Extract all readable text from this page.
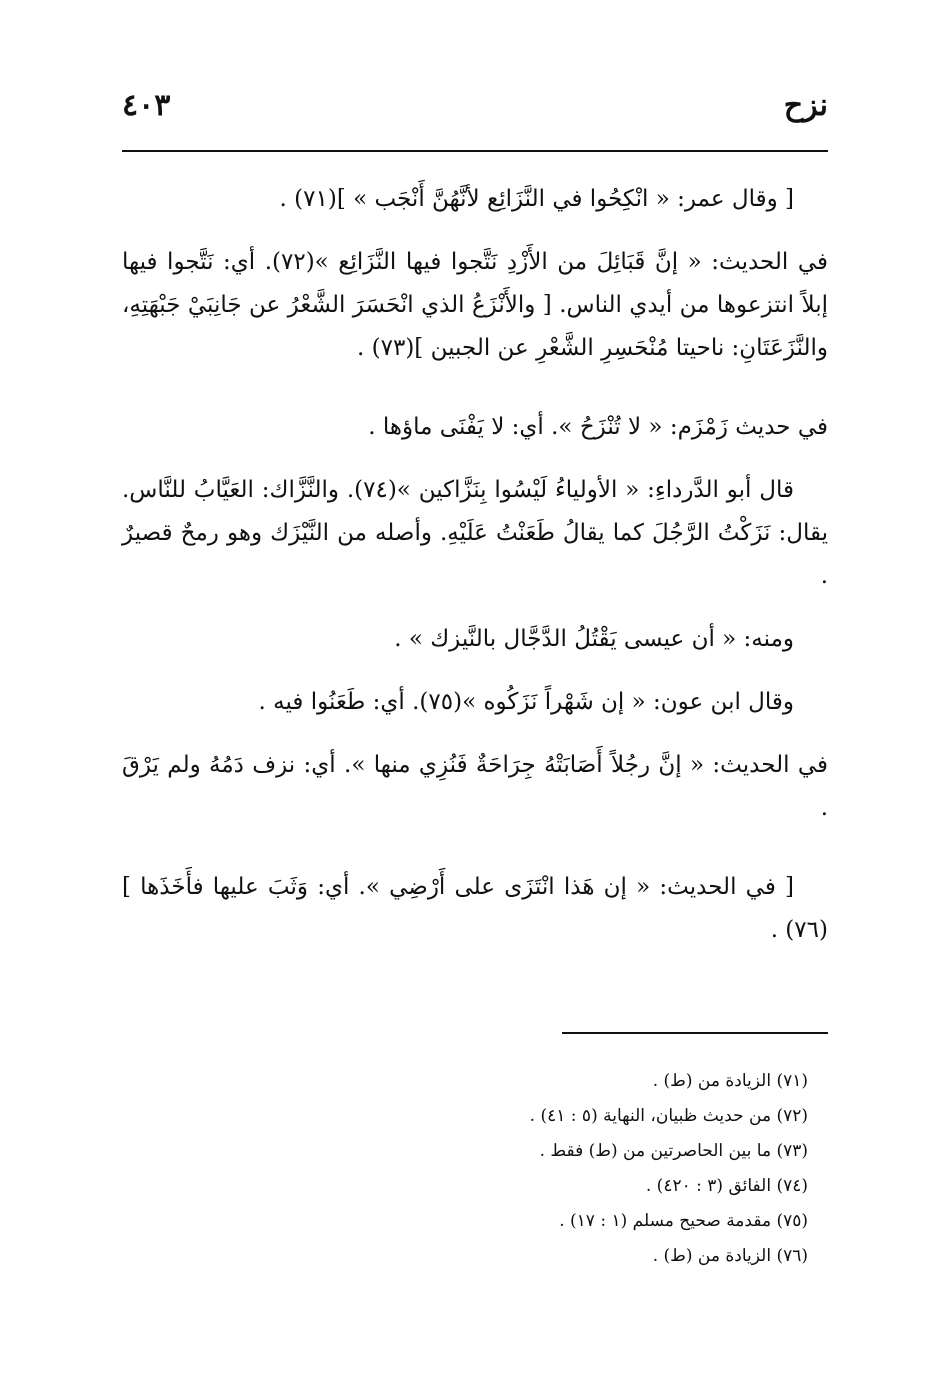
٤٠٣	نزح

[ وقال عمر: « انْكِحُوا في النَّزَائِع لأنَّهُنَّ أَنْجَب » ](٧١) .

في الحديث: « إنَّ قَبَائِلَ من الأَزْدِ نَتَّجوا فيها النَّزَائِع »(٧٢). أي: نَتَّجوا فيها إبلاً انتزعوها من أيدي الناس. [ والأَنْزَعُ الذي انْحَسَرَ الشَّعْرُ عن جَانِبَيْ جَبْهَتِهِ، والنَّزَعَتَانِ: ناحيتا مُنْحَسِرِ الشَّعْرِ عن الجبين ](٧٣) .

في حديث زَمْزَم: « لا تُنْزَحُ ». أي: لا يَفْنَى ماؤها .

قال أبو الدَّرداءِ: « الأولياءُ لَيْسُوا بِنَزَّاكين »(٧٤). والنَّزَّاك: العَيَّابُ للنَّاس. يقال: نَزَكْتُ الرَّجُلَ كما يقالُ طَعَنْتُ عَلَيْهِ. وأصله من النَّيْزَك وهو رمحٌ قصيرٌ .

ومنه: « أن عيسى يَقْتُلُ الدَّجَّال بالنَّيزك » .

وقال ابن عون: « إن شَهْراً نَزَكُوه »(٧٥). أي: طَعَنُوا فيه .

في الحديث: « إنَّ رجُلاً أَصَابَتْهُ جِرَاحَةٌ فَنُزِي منها ». أي: نزف دَمُهُ ولم يَرْقَ .

[ في الحديث: « إن هَذا انْتَزَى على أَرْضِي ». أي: وَثَبَ عليها فأَخَذَها ](٧٦) .

(٧١) الزيادة من (ط) .

(٧٢) من حديث ظبيان، النهاية (٥ : ٤١) .

(٧٣) ما بين الحاصرتين من (ط) فقط .

(٧٤) الفائق (٣ : ٤٢٠) .

(٧٥) مقدمة صحيح مسلم (١ : ١٧) .

(٧٦) الزيادة من (ط) .
